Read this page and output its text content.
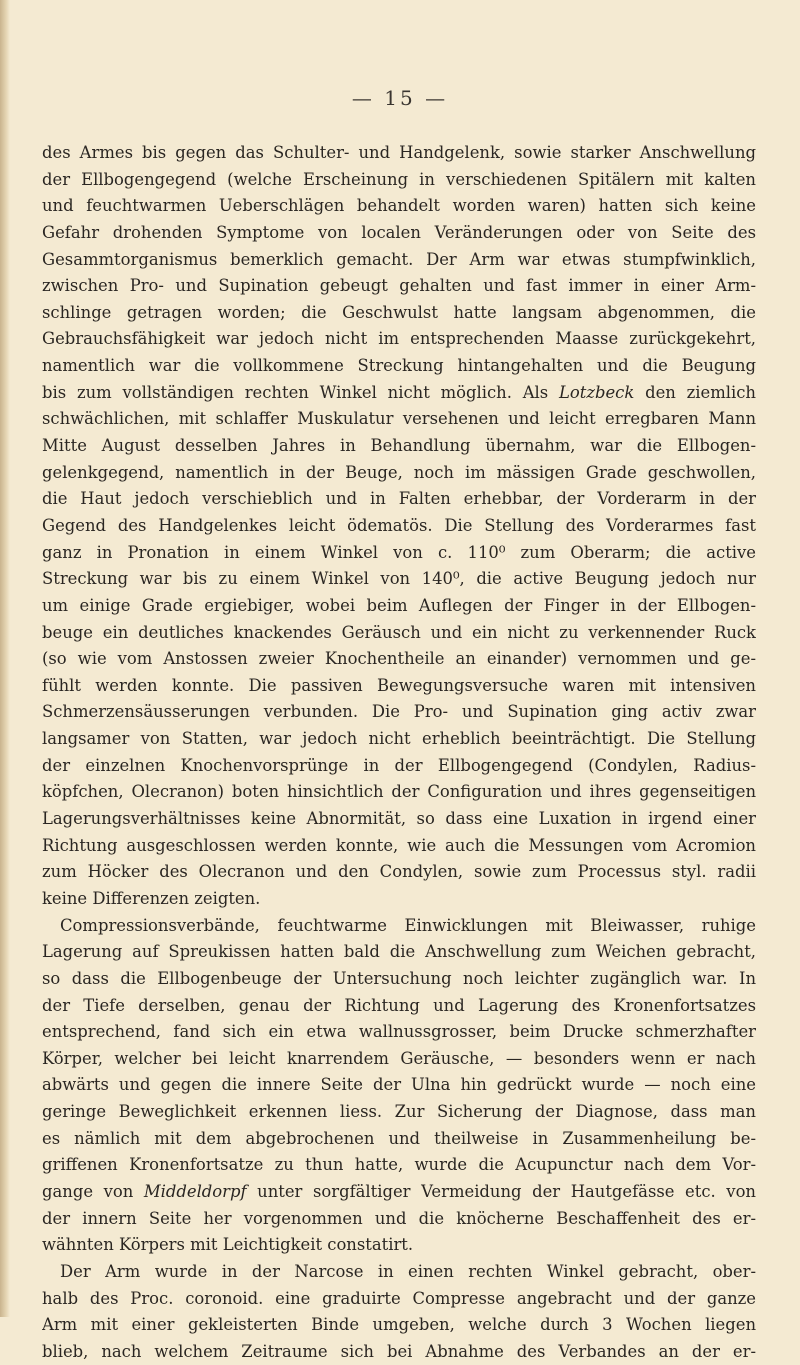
— 15 —
des Armes bis gegen das Schulter- und Handgelenk, sowie starker Anschwellung
der Ellbogengegend (welche Erscheinung in verschiedenen Spitälern mit kalten
und feuchtwarmen Ueberschlägen behandelt worden waren) hatten sich keine
Gefahr drohenden Symptome von localen Veränderungen oder von Seite des
Gesammtorganismus bemerklich gemacht. Der Arm war etwas stumpfwinklich,
zwischen Pro- und Supination gebeugt gehalten und fast immer in einer Arm-
schlinge getragen worden; die Geschwulst hatte langsam abgenommen, die
Gebrauchsfähigkeit war jedoch nicht im entsprechenden Maasse zurückgekehrt,
namentlich war die vollkommene Streckung hintangehalten und die Beugung
bis zum vollständigen rechten Winkel nicht möglich. Als Lotzbeck den ziemlich
schwächlichen, mit schlaffer Muskulatur versehenen und leicht erregbaren Mann
Mitte August desselben Jahres in Behandlung übernahm, war die Ellbogen-
gelenkgegend, namentlich in der Beuge, noch im mässigen Grade geschwollen,
die Haut jedoch verschieblich und in Falten erhebbar, der Vorderarm in der
Gegend des Handgelenkes leicht ödematös. Die Stellung des Vorderarmes fast
ganz in Pronation in einem Winkel von c. 110⁰ zum Oberarm; die active
Streckung war bis zu einem Winkel von 140⁰, die active Beugung jedoch nur
um einige Grade ergiebiger, wobei beim Auflegen der Finger in der Ellbogen-
beuge ein deutliches knackendes Geräusch und ein nicht zu verkennender Ruck
(so wie vom Anstossen zweier Knochentheile an einander) vernommen und ge-
fühlt werden konnte. Die passiven Bewegungsversuche waren mit intensiven
Schmerzensäusserungen verbunden. Die Pro- und Supination ging activ zwar
langsamer von Statten, war jedoch nicht erheblich beeinträchtigt. Die Stellung
der einzelnen Knochenvorsprünge in der Ellbogengegend (Condylen, Radius-
köpfchen, Olecranon) boten hinsichtlich der Configuration und ihres gegenseitigen
Lagerungsverhältnisses keine Abnormität, so dass eine Luxation in irgend einer
Richtung ausgeschlossen werden konnte, wie auch die Messungen vom Acromion
zum Höcker des Olecranon und den Condylen, sowie zum Processus styl. radii
keine Differenzen zeigten.
Compressionsverbände, feuchtwarme Einwicklungen mit Bleiwasser, ruhige
Lagerung auf Spreukissen hatten bald die Anschwellung zum Weichen gebracht,
so dass die Ellbogenbeuge der Untersuchung noch leichter zugänglich war. In
der Tiefe derselben, genau der Richtung und Lagerung des Kronenfortsatzes
entsprechend, fand sich ein etwa wallnussgrosser, beim Drucke schmerzhafter
Körper, welcher bei leicht knarrendem Geräusche, — besonders wenn er nach
abwärts und gegen die innere Seite der Ulna hin gedrückt wurde — noch eine
geringe Beweglichkeit erkennen liess. Zur Sicherung der Diagnose, dass man
es nämlich mit dem abgebrochenen und theilweise in Zusammenheilung be-
griffenen Kronenfortsatze zu thun hatte, wurde die Acupunctur nach dem Vor-
gange von Middeldorpf unter sorgfältiger Vermeidung der Hautgefässe etc. von
der innern Seite her vorgenommen und die knöcherne Beschaffenheit des er-
wähnten Körpers mit Leichtigkeit constatirt.
Der Arm wurde in der Narcose in einen rechten Winkel gebracht, ober-
halb des Proc. coronoid. eine graduirte Compresse angebracht und der ganze
Arm mit einer gekleisterten Binde umgeben, welche durch 3 Wochen liegen
blieb, nach welchem Zeitraume sich bei Abnahme des Verbandes an der er-
